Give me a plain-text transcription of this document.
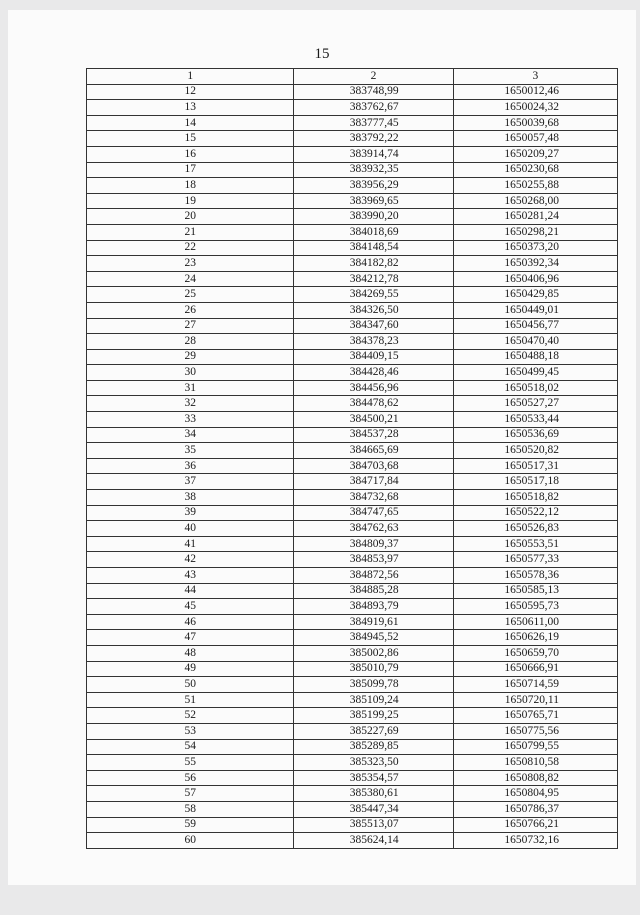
15
1	2	3
12	383748,99	1650012,46
13	383762,67	1650024,32
14	383777,45	1650039,68
15	383792,22	1650057,48
16	383914,74	1650209,27
17	383932,35	1650230,68
18	383956,29	1650255,88
19	383969,65	1650268,00
20	383990,20	1650281,24
21	384018,69	1650298,21
22	384148,54	1650373,20
23	384182,82	1650392,34
24	384212,78	1650406,96
25	384269,55	1650429,85
26	384326,50	1650449,01
27	384347,60	1650456,77
28	384378,23	1650470,40
29	384409,15	1650488,18
30	384428,46	1650499,45
31	384456,96	1650518,02
32	384478,62	1650527,27
33	384500,21	1650533,44
34	384537,28	1650536,69
35	384665,69	1650520,82
36	384703,68	1650517,31
37	384717,84	1650517,18
38	384732,68	1650518,82
39	384747,65	1650522,12
40	384762,63	1650526,83
41	384809,37	1650553,51
42	384853,97	1650577,33
43	384872,56	1650578,36
44	384885,28	1650585,13
45	384893,79	1650595,73
46	384919,61	1650611,00
47	384945,52	1650626,19
48	385002,86	1650659,70
49	385010,79	1650666,91
50	385099,78	1650714,59
51	385109,24	1650720,11
52	385199,25	1650765,71
53	385227,69	1650775,56
54	385289,85	1650799,55
55	385323,50	1650810,58
56	385354,57	1650808,82
57	385380,61	1650804,95
58	385447,34	1650786,37
59	385513,07	1650766,21
60	385624,14	1650732,16
